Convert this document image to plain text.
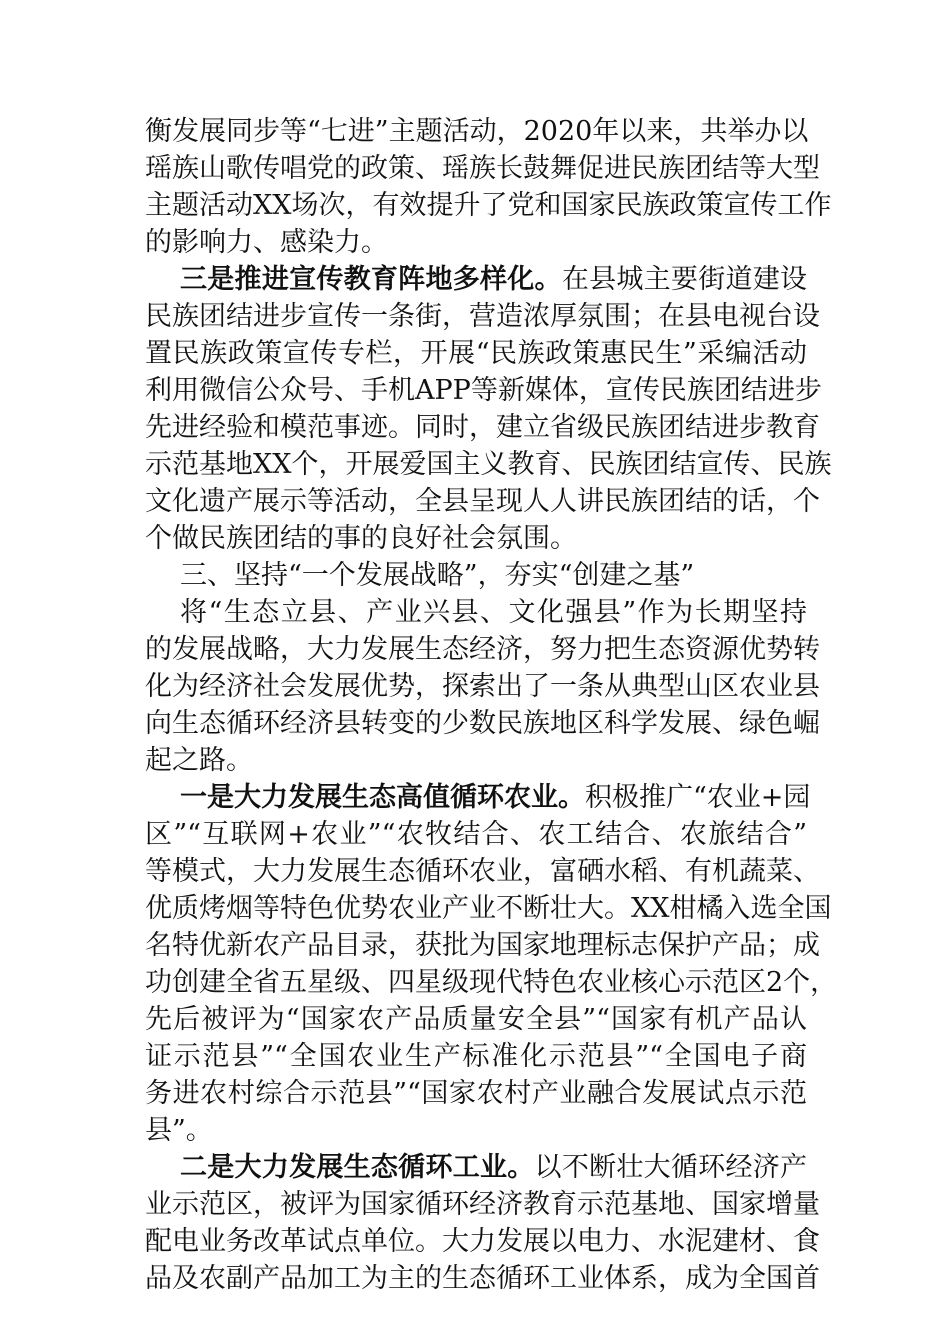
衡发展同步等“七进”主题活动，2020年以来，共举办以
瑶族山歌传唱党的政策、瑶族长鼓舞促进民族团结等大型
主题活动XX场次，有效提升了党和国家民族政策宣传工作
的影响力、感染力。
三是推进宣传教育阵地多样化。在县城主要街道建设
民族团结进步宣传一条街，营造浓厚氛围；在县电视台设
置民族政策宣传专栏，开展“民族政策惠民生”采编活动
利用微信公众号、手机APP等新媒体，宣传民族团结进步
先进经验和模范事迹。同时，建立省级民族团结进步教育
示范基地XX个，开展爱国主义教育、民族团结宣传、民族
文化遗产展示等活动，全县呈现人人讲民族团结的话，个
个做民族团结的事的良好社会氛围。
三、坚持“一个发展战略”，夯实“创建之基”
将“生态立县、产业兴县、文化强县”作为长期坚持
的发展战略，大力发展生态经济，努力把生态资源优势转
化为经济社会发展优势，探索出了一条从典型山区农业县
向生态循环经济县转变的少数民族地区科学发展、绿色崛
起之路。
一是大力发展生态高值循环农业。积极推广“农业+园
区”“互联网+农业”“农牧结合、农工结合、农旅结合”
等模式，大力发展生态循环农业，富硒水稻、有机蔬菜、
优质烤烟等特色优势农业产业不断壮大。XX柑橘入选全国
名特优新农产品目录，获批为国家地理标志保护产品；成
功创建全省五星级、四星级现代特色农业核心示范区2个，
先后被评为“国家农产品质量安全县”“国家有机产品认
证示范县”“全国农业生产标准化示范县”“全国电子商
务进农村综合示范县”“国家农村产业融合发展试点示范
县”。
二是大力发展生态循环工业。以不断壮大循环经济产
业示范区，被评为国家循环经济教育示范基地、国家增量
配电业务改革试点单位。大力发展以电力、水泥建材、食
品及农副产品加工为主的生态循环工业体系，成为全国首
